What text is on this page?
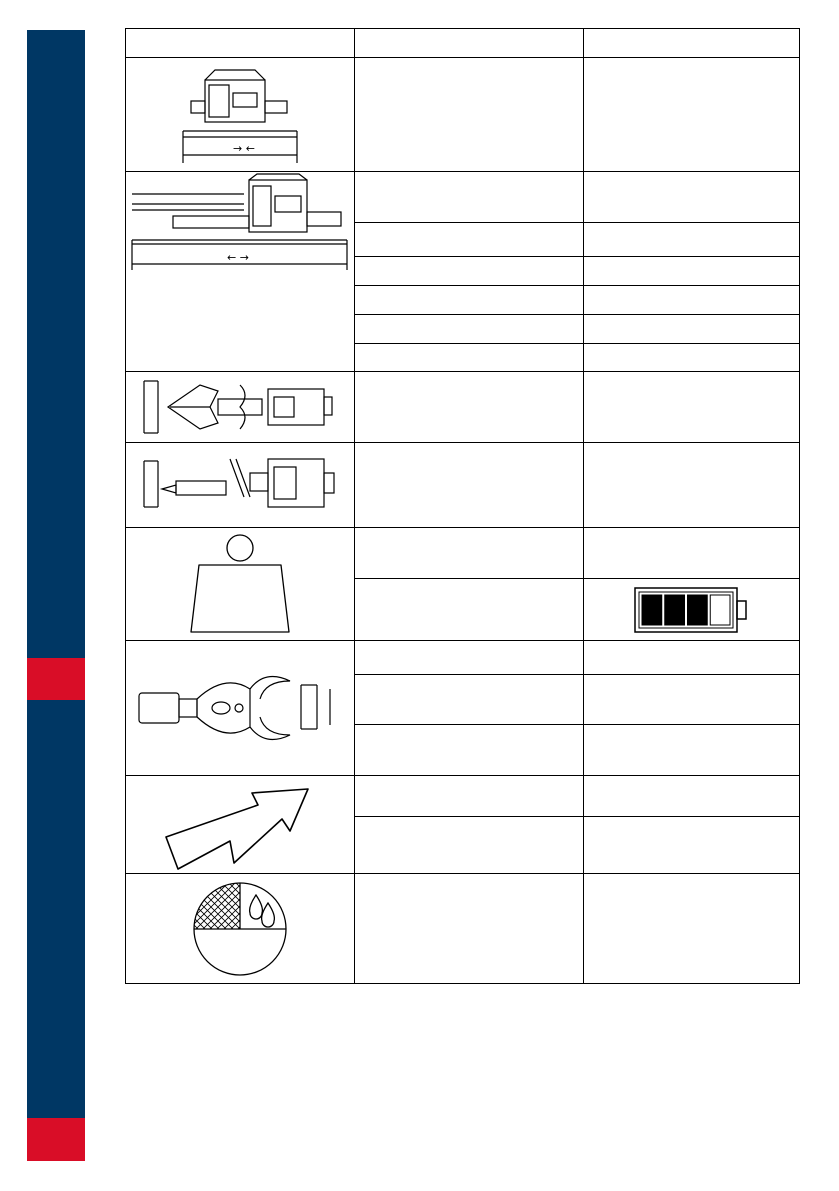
→ ←		

← →		
